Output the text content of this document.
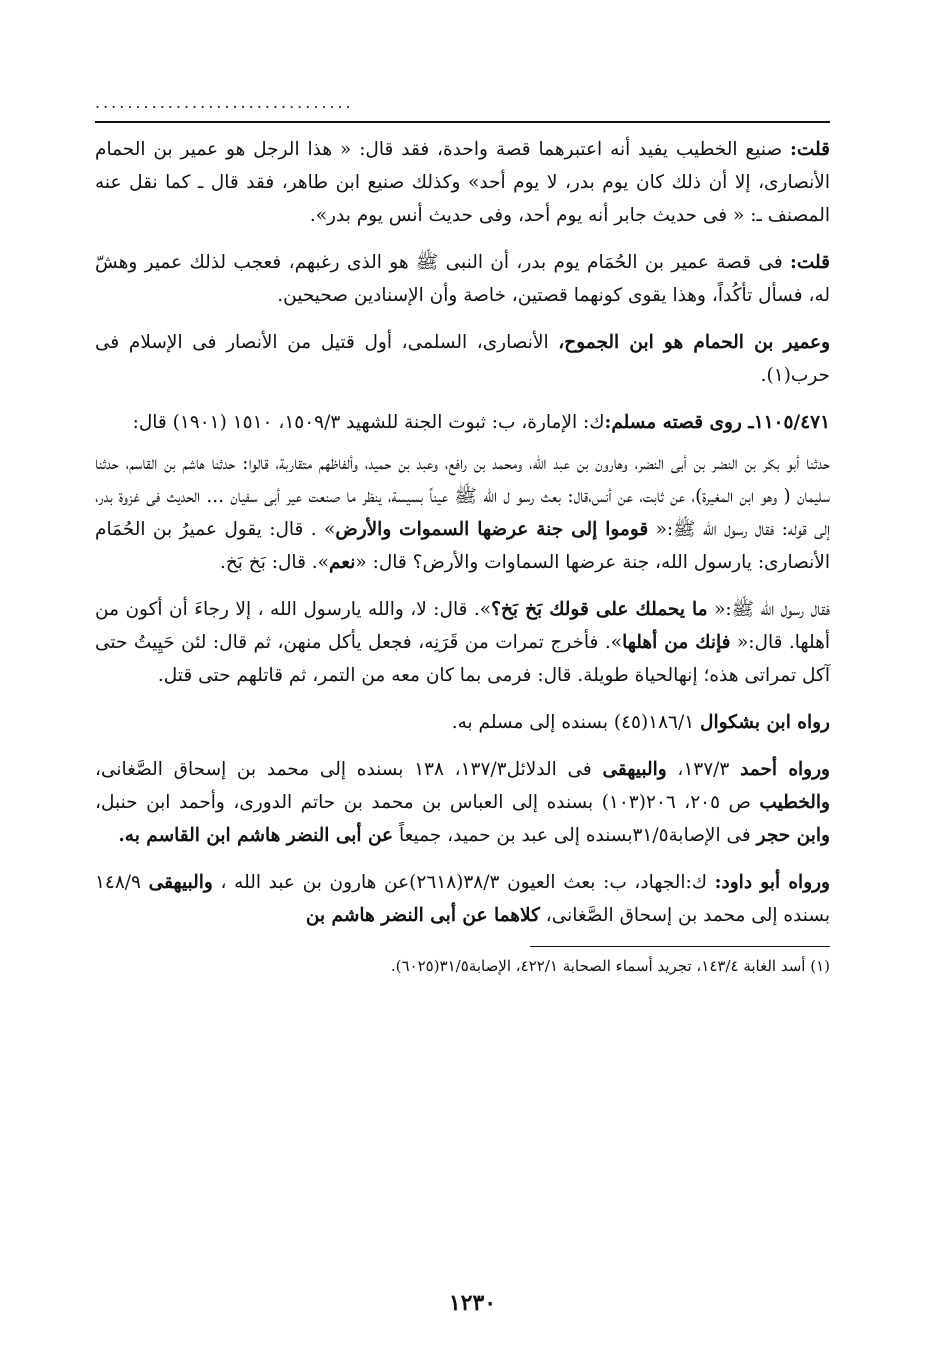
................................

قلت: صنيع الخطيب يفيد أنه اعتبرهما قصة واحدة، فقد قال: « هذا الرجل هو عمير بن الحمام الأنصارى، إلا أن ذلك كان يوم بدر، لا يوم أحد» وكذلك صنيع ابن طاهر، فقد قال ـ كما نقل عنه المصنف ـ: « فى حديث جابر أنه يوم أحد، وفى حديث أنس يوم بدر».

قلت: فى قصة عمير بن الحُمَام يوم بدر، أن النبى ﷺ هو الذى رغبهم، فعجب لذلك عمير وهشّ له، فسأل تأكُداً، وهذا يقوى كونهما قصتين، خاصة وأن الإسنادين صحيحين.

وعمير بن الحمام هو ابن الجموح، الأنصارى، السلمى، أول قتيل من الأنصار فى الإسلام فى حرب(١).

١١٠٥/٤٧١ـ روى قصته مسلم:ك: الإمارة، ب: ثبوت الجنة للشهيد ١٥٠٩/٣، ١٥١٠ (١٩٠١) قال:

حدثنا أبو بكر بن النضر بن أبى النضر، وهارون بن عبد الله، ومحمد بن رافع، وعبد بن حميد، وألفاظهم متقاربة، قالوا: حدثنا هاشم بن القاسم، حدثنا سليمان ( وهو ابن المغيرة)، عن ثابت، عن أنس،قال: بعث رسو ل الله ﷺ عيناً بسيسة، ينظر ما صنعت عير أبى سفيان ... الحديث فى غزوة بدر، إلى قوله: فقال رسول الله ﷺ:« قوموا إلى جنة عرضها السموات والأرض» . قال: يقول عميرُ بن الحُمَام الأنصارى: يارسول الله، جنة عرضها السماوات والأرض؟ قال: «نعم». قال: بَخ بَخ.

فقال رسول الله ﷺ:« ما يحملك على قولك بَخ بَخ؟». قال: لا، والله يارسول الله ، إلا رجاءَ أن أكون من أهلها. قال:« فإنك من أهلها». فأخرج تمرات من قَرَنِه، فجعل يأكل منهن، ثم قال: لئن حَيِيتُ حتى آكل تمراتى هذه؛ إنهالحياة طويلة. قال: فرمى بما كان معه من التمر، ثم قاتلهم حتى قتل.

رواه ابن بشكوال ١٨٦/١(٤٥) بسنده إلى مسلم به.

ورواه أحمد ١٣٧/٣، والبيهقى فى الدلائل١٣٧/٣، ١٣٨ بسنده إلى محمد بن إسحاق الصَّغانى، والخطيب ص ٢٠٥، ٢٠٦(١٠٣) بسنده إلى العباس بن محمد بن حاتم الدورى، وأحمد ابن حنبل، وابن حجر فى الإصابة٣١/٥بسنده إلى عبد بن حميد، جميعاً عن أبى النضر هاشم ابن القاسم به.

ورواه أبو داود: ك:الجهاد، ب: بعث العيون ٣٨/٣(٢٦١٨)عن هارون بن عبد الله ، والبيهقى ١٤٨/٩ بسنده إلى محمد بن إسحاق الصَّغانى، كلاهما عن أبى النضر هاشم بن

(١) أسد الغابة ١٤٣/٤، تجريد أسماء الصحابة ٤٢٢/١، الإصابة٣١/٥(٦٠٢٥).
١٢٣٠
